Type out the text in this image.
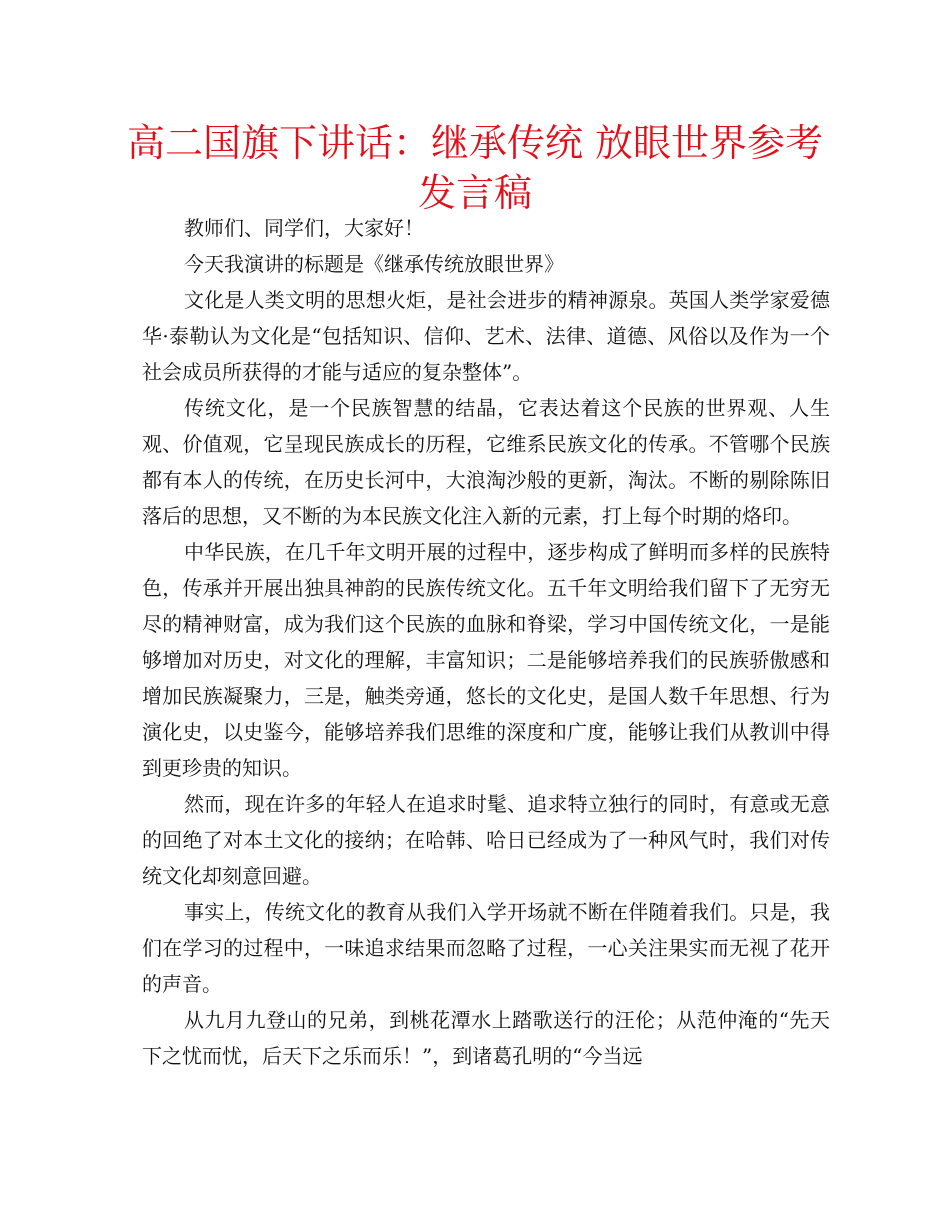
高二国旗下讲话：继承传统 放眼世界参考发言稿

教师们、同学们，大家好！

今天我演讲的标题是《继承传统放眼世界》

文化是人类文明的思想火炬，是社会进步的精神源泉。英国人类学家爱德华·泰勒认为文化是“包括知识、信仰、艺术、法律、道德、风俗以及作为一个社会成员所获得的才能与适应的复杂整体”。

传统文化，是一个民族智慧的结晶，它表达着这个民族的世界观、人生观、价值观，它呈现民族成长的历程，它维系民族文化的传承。不管哪个民族都有本人的传统，在历史长河中，大浪淘沙般的更新，淘汰。不断的剔除陈旧落后的思想，又不断的为本民族文化注入新的元素，打上每个时期的烙印。

中华民族，在几千年文明开展的过程中，逐步构成了鲜明而多样的民族特色，传承并开展出独具神韵的民族传统文化。五千年文明给我们留下了无穷无尽的精神财富，成为我们这个民族的血脉和脊梁，学习中国传统文化，一是能够增加对历史，对文化的理解，丰富知识；二是能够培养我们的民族骄傲感和增加民族凝聚力，三是，触类旁通，悠长的文化史，是国人数千年思想、行为演化史，以史鉴今，能够培养我们思维的深度和广度，能够让我们从教训中得到更珍贵的知识。

然而，现在许多的年轻人在追求时髦、追求特立独行的同时，有意或无意的回绝了对本土文化的接纳；在哈韩、哈日已经成为了一种风气时，我们对传统文化却刻意回避。

事实上，传统文化的教育从我们入学开场就不断在伴随着我们。只是，我们在学习的过程中，一味追求结果而忽略了过程，一心关注果实而无视了花开的声音。

从九月九登山的兄弟，到桃花潭水上踏歌送行的汪伦；从范仲淹的“先天下之忧而忧，后天下之乐而乐！”，到诸葛孔明的“今当远
